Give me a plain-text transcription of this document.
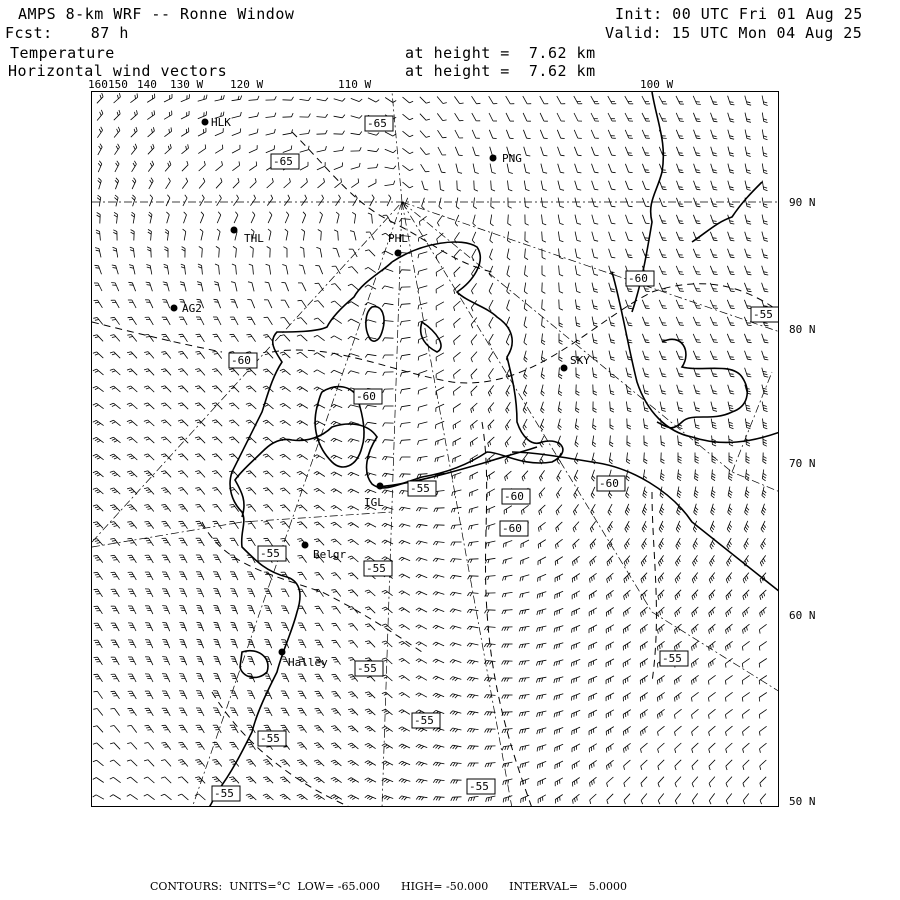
AMPS 8-km WRF -- Ronne Window
Fcst:    87 h
Temperature
Horizontal wind vectors
at height =  7.62 km
at height =  7.62 km
Init: 00 UTC Fri 01 Aug 25
Valid: 15 UTC Mon 04 Aug 25
160 150 140 130 W 120 W	110 W	100 W
90 N
80 N
70 N
60 N
50 N
HLK
PNG
THL	PHL
AG2
SKY
IGL
Belgr
Halley
-65
-65
-60
-55
-60
-60
-60
-60
-60
-55
-55
-55
-55
-55
-55
-55
-55
-55
CONTOURS:  UNITS=°C  LOW= -65.000      HIGH= -50.000      INTERVAL=   5.0000
